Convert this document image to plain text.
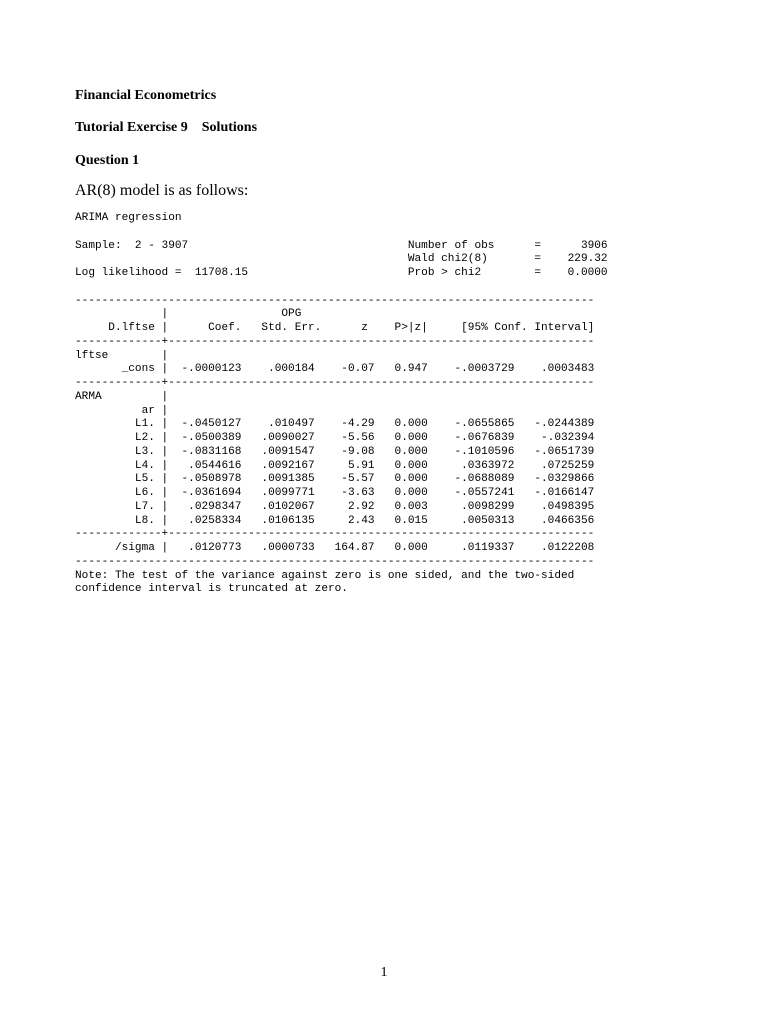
Financial Econometrics

Tutorial Exercise 9    Solutions

Question 1

AR(8) model is as follows:

ARIMA regression

Sample:  2 - 3907                                 Number of obs      =      3906
Wald chi2(8)       =    229.32
Log likelihood =  11708.15                        Prob > chi2        =    0.0000

------------------------------------------------------------------------------
|                 OPG
D.lftse |      Coef.   Std. Err.      z    P>|z|     [95% Conf. Interval]
-------------+----------------------------------------------------------------
lftse        |
_cons |  -.0000123    .000184    -0.07   0.947    -.0003729    .0003483
-------------+----------------------------------------------------------------
ARMA         |
ar |
L1. |  -.0450127    .010497    -4.29   0.000    -.0655865   -.0244389
L2. |  -.0500389   .0090027    -5.56   0.000    -.0676839    -.032394
L3. |  -.0831168   .0091547    -9.08   0.000    -.1010596   -.0651739
L4. |   .0544616   .0092167     5.91   0.000     .0363972    .0725259
L5. |  -.0508978   .0091385    -5.57   0.000    -.0688089   -.0329866
L6. |  -.0361694   .0099771    -3.63   0.000    -.0557241   -.0166147
L7. |   .0298347   .0102067     2.92   0.003     .0098299    .0498395
L8. |   .0258334   .0106135     2.43   0.015     .0050313    .0466356
-------------+----------------------------------------------------------------
/sigma |   .0120773   .0000733   164.87   0.000     .0119337    .0122208
------------------------------------------------------------------------------
Note: The test of the variance against zero is one sided, and the two-sided
confidence interval is truncated at zero.
1
